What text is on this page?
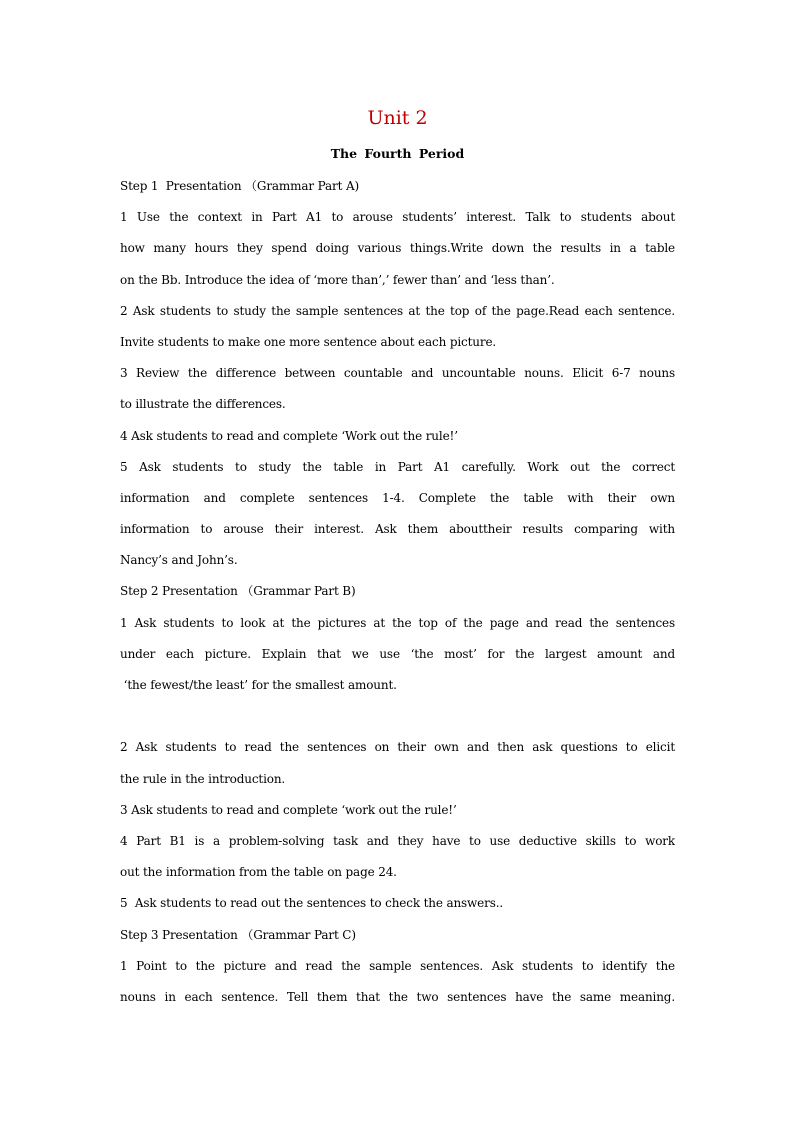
Unit 2
The Fourth Period
Step 1  Presentation （Grammar Part A)
1 Use the context in Part A1 to arouse students’ interest. Talk to students about
how many hours they spend doing various things.Write down the results in a table
on the Bb. Introduce the idea of ‘more than’,’ fewer than’ and ‘less than’.
2 Ask students to study the sample sentences at the top of the page.Read each sentence.
Invite students to make one more sentence about each picture.
3 Review the difference between countable and uncountable nouns. Elicit 6-7 nouns
to illustrate the differences.
4 Ask students to read and complete ‘Work out the rule!’
5 Ask students to study the table in Part A1 carefully. Work out the correct
information and complete sentences 1-4. Complete the table with their own
information to arouse their interest. Ask them abouttheir results comparing with
Nancy’s and John’s.
Step 2 Presentation （Grammar Part B)
1 Ask students to look at the pictures at the top of the page and read the sentences
under each picture. Explain that we use ‘the most’ for the largest amount and
‘the fewest/the least’ for the smallest amount.
2 Ask students to read the sentences on their own and then ask questions to elicit
the rule in the introduction.
3 Ask students to read and complete ‘work out the rule!’
4 Part B1 is a problem-solving task and they have to use deductive skills to work
out the information from the table on page 24.
5  Ask students to read out the sentences to check the answers..
Step 3 Presentation （Grammar Part C)
1 Point to the picture and read the sample sentences. Ask students to identify the
nouns in each sentence. Tell them that the two sentences have the same meaning.
